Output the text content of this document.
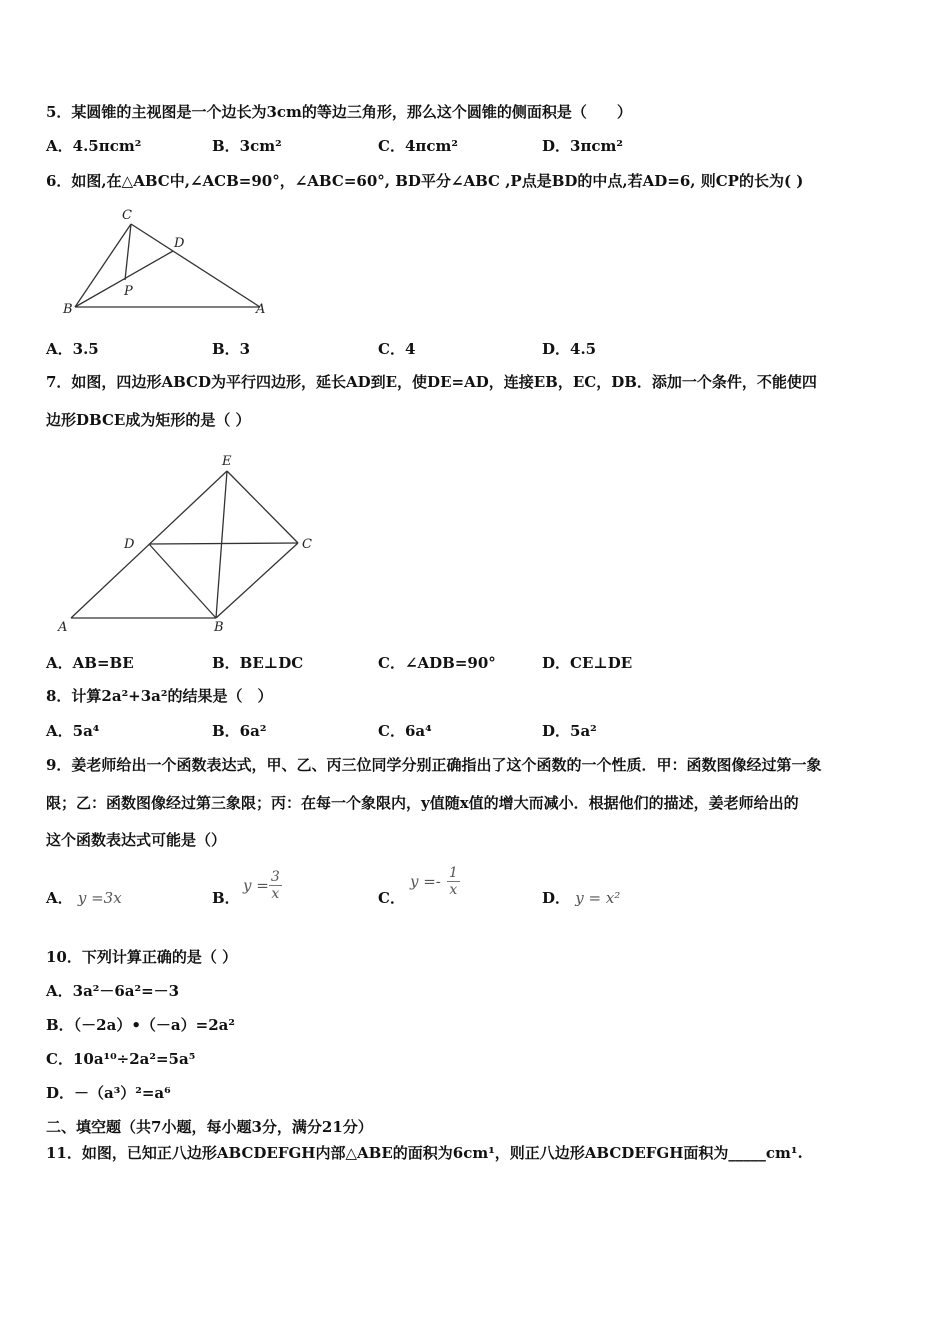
5．某圆锥的主视图是一个边长为3cm的等边三角形，那么这个圆锥的侧面积是（　　）
A．4.5πcm²	B．3cm²	C．4πcm²	D．3πcm²
6．如图,在△ABC中,∠ACB=90°，∠ABC=60°, BD平分∠ABC ,P点是BD的中点,若AD=6, 则CP的长为( )
C
D
P
B	A
A．3.5	B．3	C．4	D．4.5
7．如图，四边形ABCD为平行四边形，延长AD到E，使DE=AD，连接EB，EC，DB．添加一个条件，不能使四
边形DBCE成为矩形的是（ ）
E
D	C
A	B
A．AB=BE	B．BE⊥DC	C．∠ADB=90°	D．CE⊥DE
8．计算2a²+3a²的结果是（　）
A．5a⁴	B．6a²	C．6a⁴	D．5a²
9．姜老师给出一个函数表达式，甲、乙、丙三位同学分别正确指出了这个函数的一个性质．甲：函数图像经过第一象
限；乙：函数图像经过第三象限；丙：在每一个象限内，y值随x值的增大而减小．根据他们的描述，姜老师给出的
这个函数表达式可能是（）
A． y =3x	B．
$y = \frac{3}{x}$	C．
$y =- \frac{1}{x}$	D． y = x²
10．下列计算正确的是（ ）
A．3a²－6a²=－3
B．（－2a）•（－a）=2a²
C．10a¹⁰÷2a²=5a⁵
D．－（a³）²=a⁶
二、填空题（共7小题，每小题3分，满分21分）
11．如图，已知正八边形ABCDEFGH内部△ABE的面积为6cm¹，则正八边形ABCDEFGH面积为_____cm¹.
